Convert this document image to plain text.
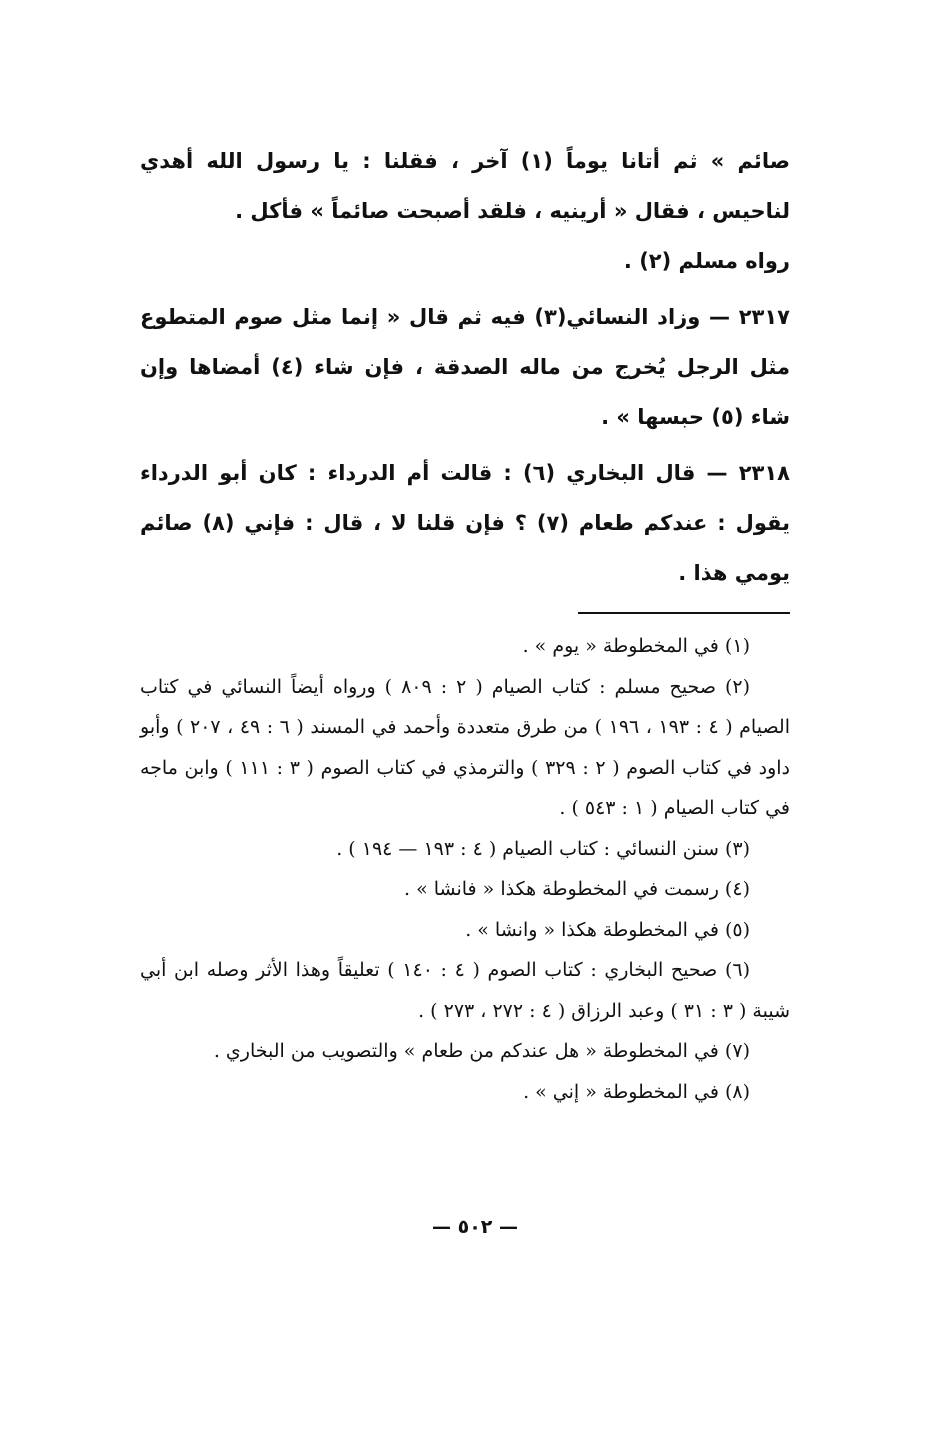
صائم » ثم أتانا يوماً (١) آخر ، فقلنا : يا رسول الله أهدي لناحيس ، فقال « أرينيه ، فلقد أصبحت صائماً » فأكل .

رواه مسلم (٢) .

٢٣١٧ — وزاد النسائي(٣) فيه ثم قال « إنما مثل صوم المتطوع مثل الرجل يُخرج من ماله الصدقة ، فإن شاء (٤) أمضاها وإن شاء (٥) حبسها » .

٢٣١٨ — قال البخاري (٦) : قالت أم الدرداء : كان أبو الدرداء يقول : عندكم طعام (٧) ؟ فإن قلنا لا ، قال : فإني (٨) صائم يومي هذا .

(١) في المخطوطة « يوم » .

(٢) صحيح مسلم : كتاب الصيام ( ٢ : ٨٠٩ ) ورواه أيضاً النسائي في كتاب الصيام ( ٤ : ١٩٣ ، ١٩٦ ) من طرق متعددة وأحمد في المسند ( ٦ : ٤٩ ، ٢٠٧ ) وأبو داود في كتاب الصوم ( ٢ : ٣٢٩ ) والترمذي في كتاب الصوم ( ٣ : ١١١ ) وابن ماجه في كتاب الصيام ( ١ : ٥٤٣ ) .

(٣) سنن النسائي : كتاب الصيام ( ٤ : ١٩٣ — ١٩٤ ) .

(٤) رسمت في المخطوطة هكذا « فانشا » .

(٥) في المخطوطة هكذا « وانشا » .

(٦) صحيح البخاري : كتاب الصوم ( ٤ : ١٤٠ ) تعليقاً وهذا الأثر وصله ابن أبي شيبة ( ٣ : ٣١ ) وعبد الرزاق ( ٤ : ٢٧٢ ، ٢٧٣ ) .

(٧) في المخطوطة « هل عندكم من طعام » والتصويب من البخاري .

(٨) في المخطوطة « إني » .

— ٥٠٢ —
